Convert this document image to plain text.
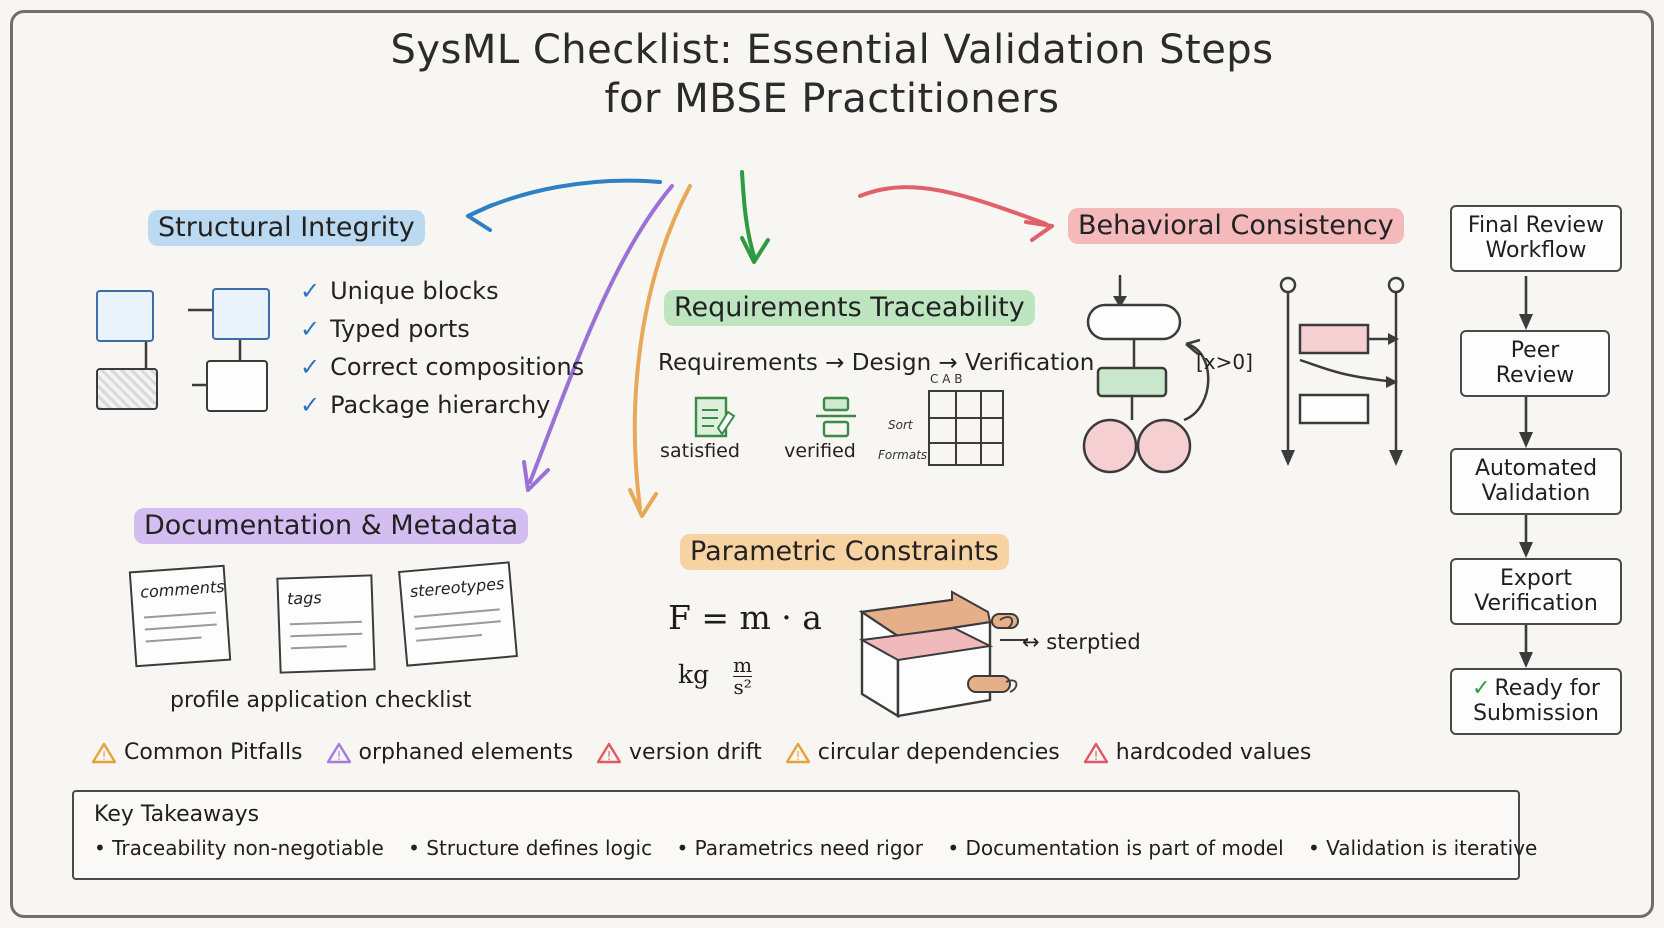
SysML Checklist: Essential Validation Steps
for MBSE Practitioners
Structural Integrity
✓ Unique blocks
✓ Typed ports
✓ Correct compositions
✓ Package hierarchy
Requirements Traceability
Requirements → Design → Verification
satisfied	verified
C A B
Sort
Formats
Behavioral Consistency
[x>0]
Documentation & Metadata
comments	tags	stereotypes
profile application checklist
Parametric Constraints
F = m · a
kg $\frac{m}{\text{s²}}$
↔ sterptied
! Common Pitfalls	! orphaned elements	! version drift	! circular dependencies	! hardcoded values
Key Takeaways
• Traceability non-negotiable • Structure defines logic • Parametrics need rigor • Documentation is part of model • Validation is iterative
Final Review
Workflow
Peer
Review
Automated
Validation
Export
Verification
✓ Ready for
Submission
